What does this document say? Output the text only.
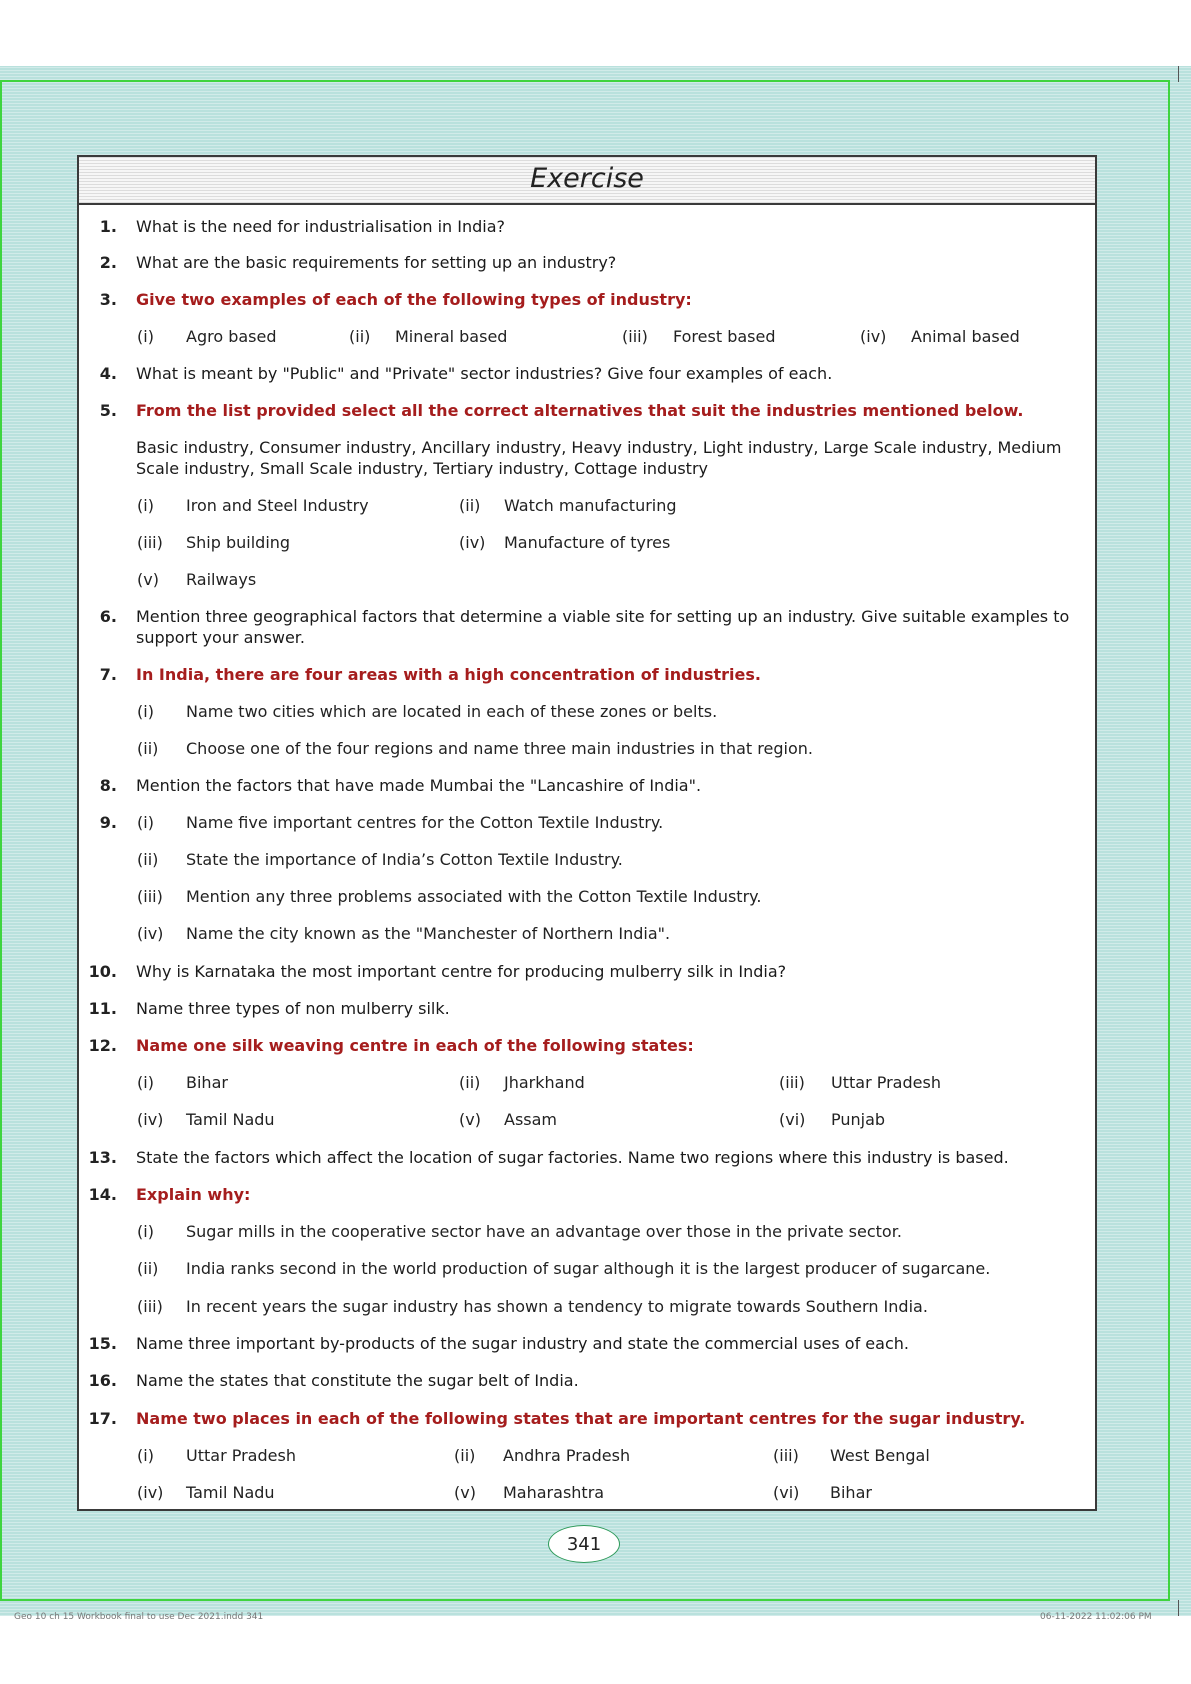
Exercise
1. What is the need for industrialisation in India?
2. What are the basic requirements for setting up an industry?
3. Give two examples of each of the following types of industry:
(i) Agro based	(ii) Mineral based	(iii) Forest based	(iv) Animal based
4. What is meant by "Public" and "Private" sector industries? Give four examples of each.
5. From the list provided select all the correct alternatives that suit the industries mentioned below.
Basic industry, Consumer industry, Ancillary industry, Heavy industry, Light industry, Large Scale industry, Medium
Scale industry, Small Scale industry, Tertiary industry, Cottage industry
(i) Iron and Steel Industry	(ii) Watch manufacturing
(iii) Ship building	(iv) Manufacture of tyres
(v) Railways
6. Mention three geographical factors that determine a viable site for setting up an industry. Give suitable examples to
support your answer.
7. In India, there are four areas with a high concentration of industries.
(i) Name two cities which are located in each of these zones or belts.
(ii) Choose one of the four regions and name three main industries in that region.
8. Mention the factors that have made Mumbai the "Lancashire of India".
9. (i) Name five important centres for the Cotton Textile Industry.
(ii) State the importance of India’s Cotton Textile Industry.
(iii) Mention any three problems associated with the Cotton Textile Industry.
(iv) Name the city known as the "Manchester of Northern India".
10. Why is Karnataka the most important centre for producing mulberry silk in India?
11. Name three types of non mulberry silk.
12. Name one silk weaving centre in each of the following states:
(i) Bihar	(ii) Jharkhand	(iii) Uttar Pradesh
(iv) Tamil Nadu	(v) Assam	(vi) Punjab
13. State the factors which affect the location of sugar factories. Name two regions where this industry is based.
14. Explain why:
(i) Sugar mills in the cooperative sector have an advantage over those in the private sector.
(ii) India ranks second in the world production of sugar although it is the largest producer of sugarcane.
(iii) In recent years the sugar industry has shown a tendency to migrate towards Southern India.
15. Name three important by-products of the sugar industry and state the commercial uses of each.
16. Name the states that constitute the sugar belt of India.
17. Name two places in each of the following states that are important centres for the sugar industry.
(i) Uttar Pradesh	(ii) Andhra Pradesh	(iii) West Bengal
(iv) Tamil Nadu	(v) Maharashtra	(vi) Bihar
341
Geo 10 ch 15 Workbook final to use Dec 2021.indd 341	06-11-2022 11:02:06 PM
